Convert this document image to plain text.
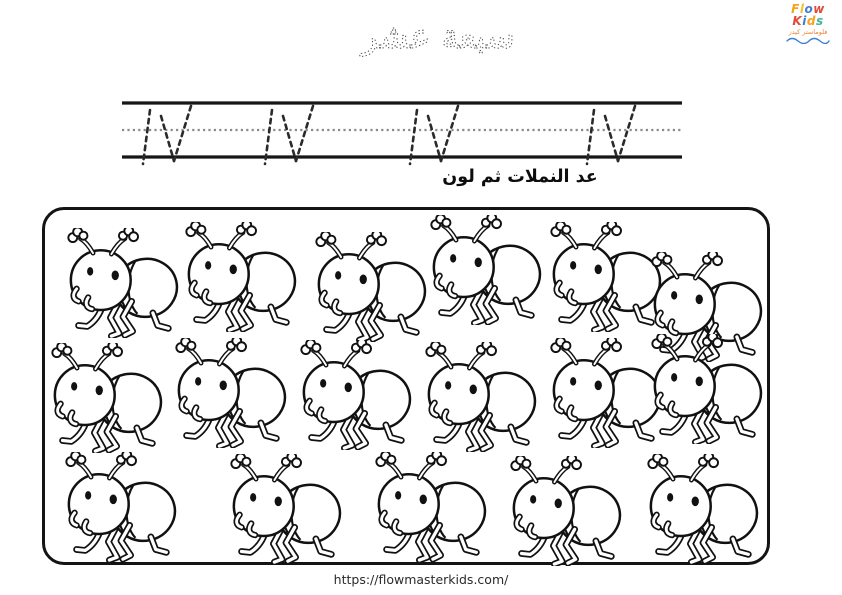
Flow
Kids
فلوماستر كيدز
سبعة عشر
عد النملات ثم لون
https://flowmasterkids.com/
